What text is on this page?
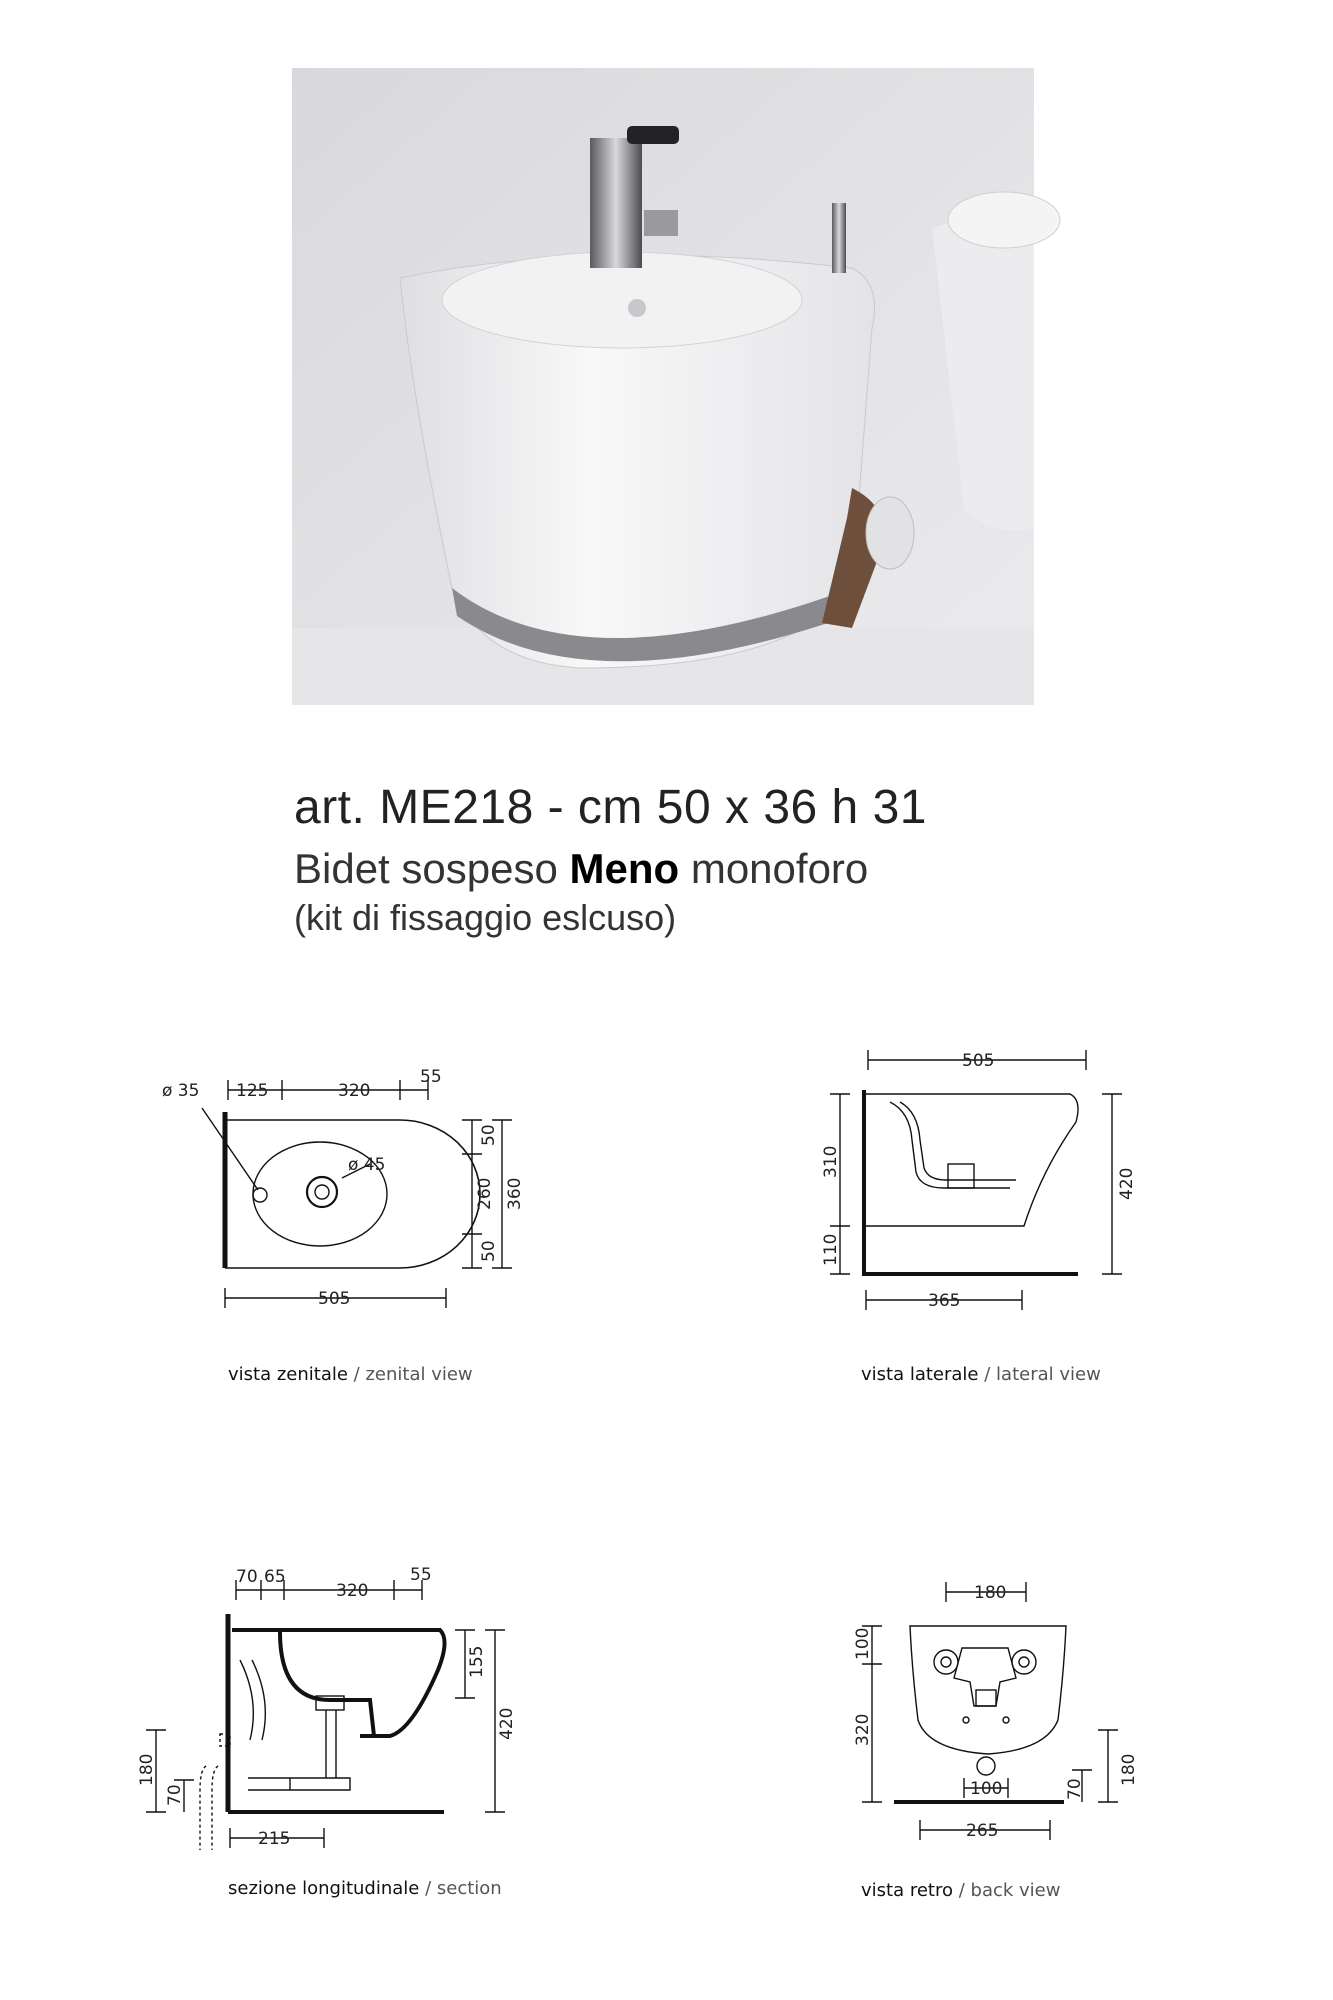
art. ME218 - cm 50 x 36 h 31
Bidet sospeso Meno monoforo
(kit di fissaggio eslcuso)
ø 35 125	320
55
ø 45
50
260
50
360
505
vista zenitale / zenital view
505
310
110
420
365
vista laterale / lateral view
70 65
320
55
155
420
180
70
215
sezione longitudinale / section
180
100
320
100	70
180
265
vista retro / back view
